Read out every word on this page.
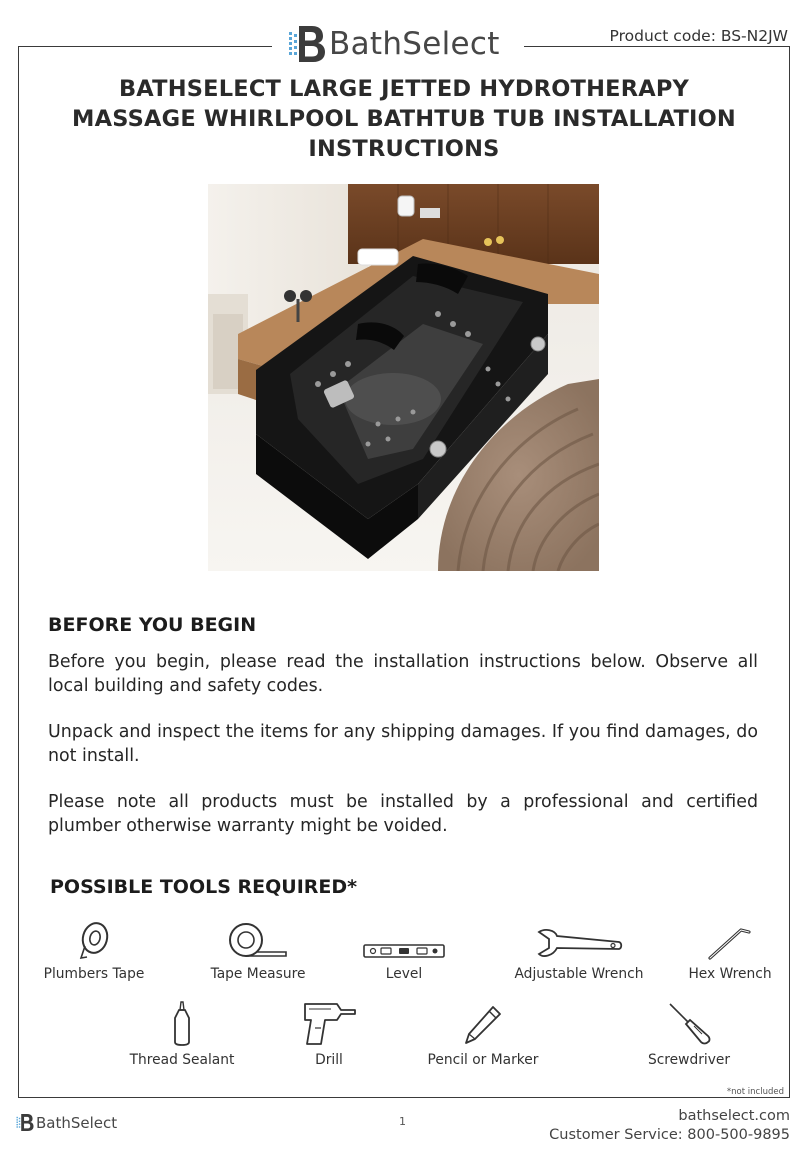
BathSelect	Product code: BS-N2JW
BATHSELECT LARGE JETTED HYDROTHERAPY
MASSAGE WHIRLPOOL BATHTUB TUB INSTALLATION
INSTRUCTIONS
BEFORE YOU BEGIN

Before you begin, please read the installation instructions below. Observe all local building and safety codes.

Unpack and inspect the items for any shipping damages. If you find damages, do not install.

Please note all products must be installed by a professional and certified plumber otherwise warranty might be voided.

POSSIBLE TOOLS REQUIRED*
Plumbers Tape	Tape Measure	Level	Adjustable Wrench	Hex Wrench
Thread Sealant	Drill	Pencil or Marker	Screwdriver
*not included
BathSelect	1	bathselect.com
Customer Service: 800-500-9895
